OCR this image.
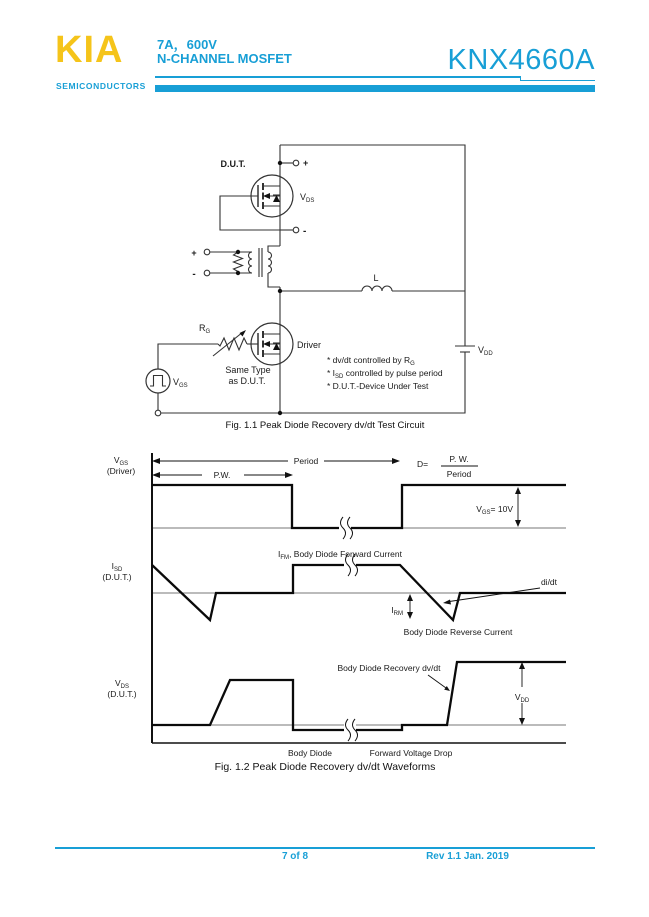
KIA
SEMICONDUCTORS
7A，600V
N-CHANNEL MOSFET	KNX4660A
D.U.T.	+
$V_{DS}$
-
+
-	L
$R_G$
Driver
Same Type
as D.U.T.
$V_{GS}$
$V_{DD}$
* dv/dt controlled by $R_G$
* $I_{SD}$ controlled by pulse period
* D.U.T.-Device Under Test
Fig. 1.1 Peak Diode Recovery dv/dt Test Circuit
$V_{GS}$
(Driver)
Period
P.W.
D=	P. W.
Period
$V_{GS}= 10V$
$I_{SD}$
(D.U.T.)
$I_{FM}$, Body Diode Forward Current
$I_{RM}$
di/dt
Body Diode Reverse Current
$V_{DS}$
(D.U.T.)
Body Diode Recovery dv/dt
$V_{DD}$
Body Diode	Forward Voltage Drop
Fig. 1.2 Peak Diode Recovery dv/dt Waveforms
7 of 8	Rev 1.1 Jan. 2019
